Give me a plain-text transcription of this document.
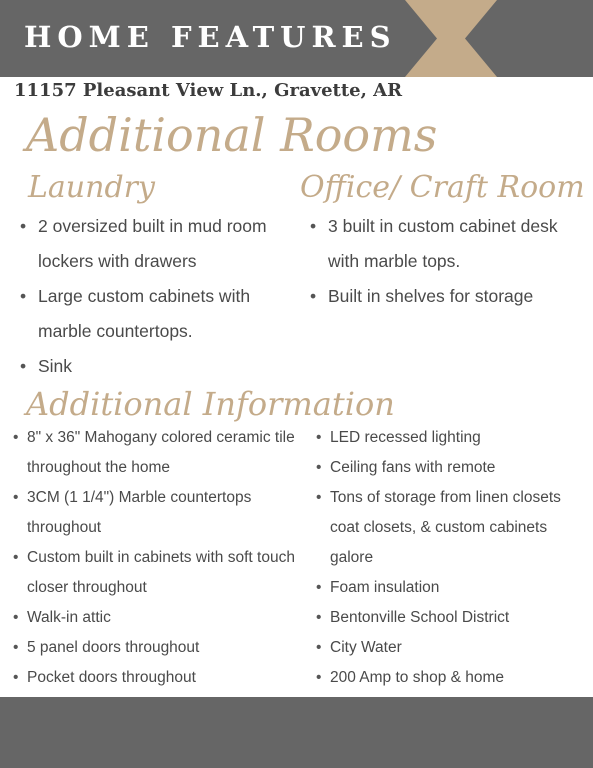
HOME FEATURES
11157 Pleasant View Ln., Gravette, AR
Additional Rooms
Laundry	Office/ Craft Room
• 2 oversized built in mud room lockers with drawers
• Large custom cabinets with marble countertops.
• Sink
• 3 built in custom cabinet desk with marble tops.
• Built in shelves for storage
Additional Information
• 8" x 36" Mahogany colored ceramic tile throughout the home
• 3CM (1 1/4") Marble countertops throughout
• Custom built in cabinets with soft touch closer throughout
• Walk-in attic
• 5 panel doors throughout
• Pocket doors throughout
• LED recessed lighting
• Ceiling fans with remote
• Tons of storage from linen closets coat closets, & custom cabinets galore
• Foam insulation
• Bentonville School District
• City Water
• 200 Amp to shop & home
